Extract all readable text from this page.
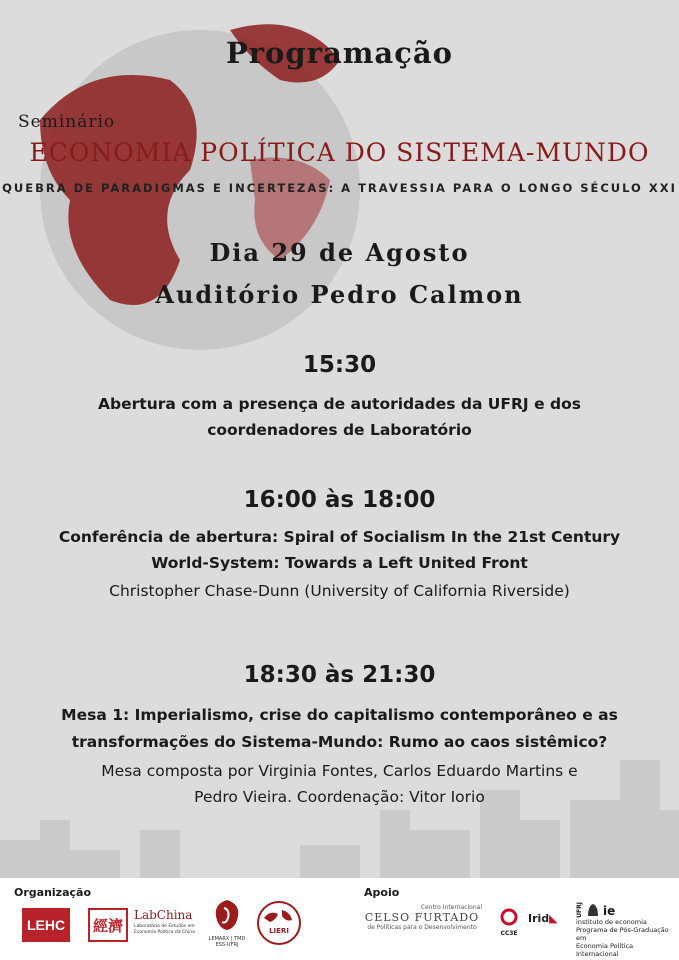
Programação
Seminário
ECONOMIA POLÍTICA DO SISTEMA-MUNDO
QUEBRA DE PARADIGMAS E INCERTEZAS: A TRAVESSIA PARA O LONGO SÉCULO XXI
Dia 29 de Agosto
Auditório Pedro Calmon
15:30
Abertura com a presença de autoridades da UFRJ e dos
coordenadores de Laboratório
16:00 às 18:00
Conferência de abertura: Spiral of Socialism In the 21st Century
World-System: Towards a Left United Front
Christopher Chase-Dunn (University of California Riverside)
18:30 às 21:30
Mesa 1: Imperialismo, crise do capitalismo contemporâneo e as
transformações do Sistema-Mundo: Rumo ao caos sistêmico?
Mesa composta por Virginia Fontes, Carlos Eduardo Martins e
Pedro Vieira. Coordenação: Vitor Iorio
Organização	Apoio
LEHC 經濟
LabChina
Laboratório de Estudos em Economia Política da China
LEMARX | TMD
ESS-UFRJ
LIERI
Centro Internacional
CELSO FURTADO
de Políticas para o Desenvolvimento
CC3E
Irid◣
UFRJ ie
instituto de economia
Programa de Pós-Graduação em
Economia Política Internacional
